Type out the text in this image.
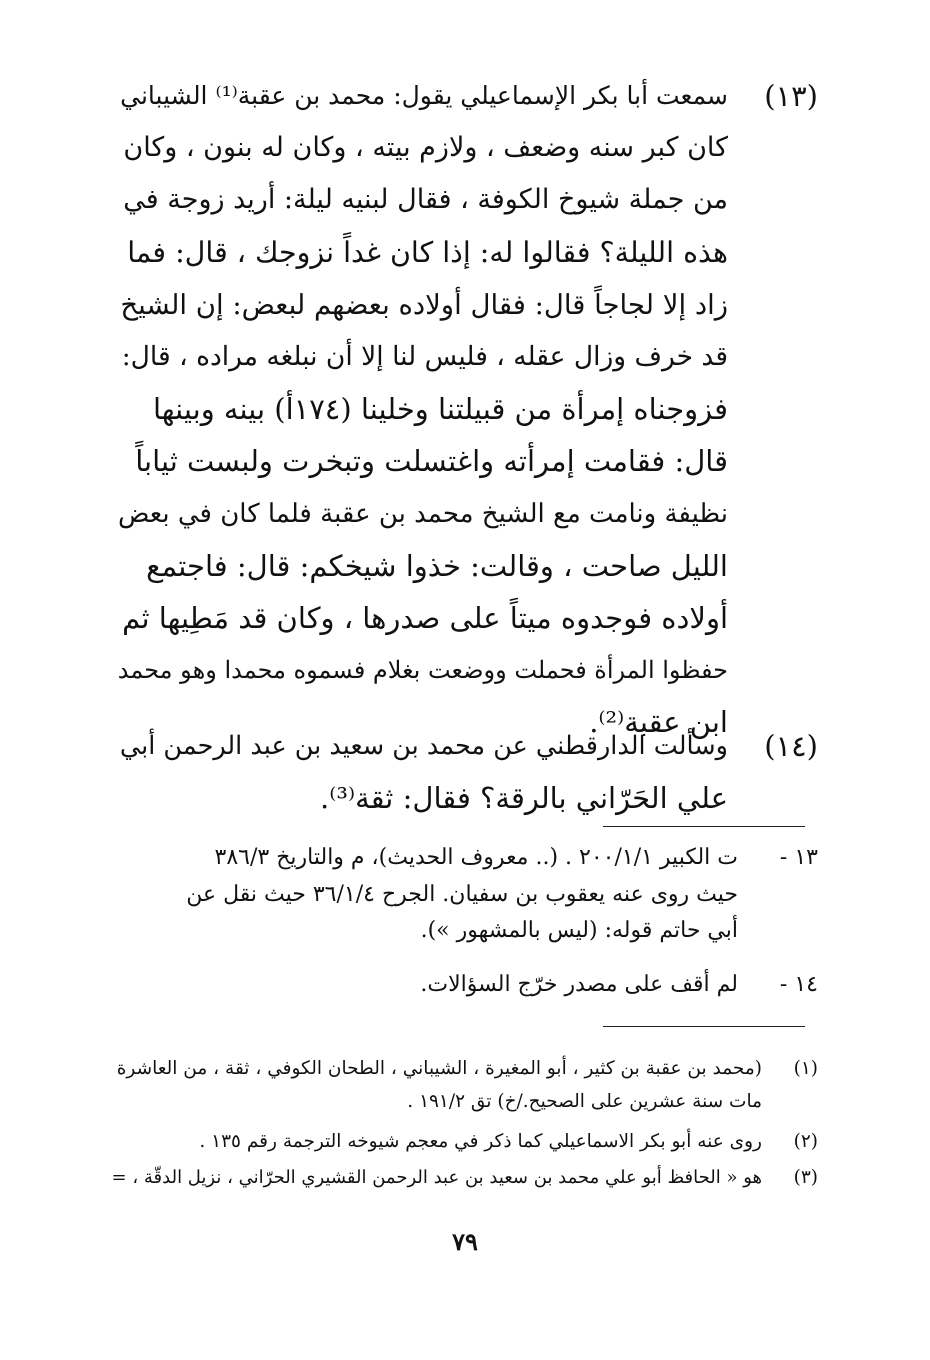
(١٣)
سمعت أبا بكر الإسماعيلي يقول: محمد بن عقبة⁽¹⁾ الشيباني
كان كبر سنه وضعف ، ولازم بيته ، وكان له بنون ، وكان
من جملة شيوخ الكوفة ، فقال لبنيه ليلة: أريد زوجة في
هذه الليلة؟ فقالوا له: إذا كان غداً نزوجك ، قال: فما
زاد إلا لجاجاً قال: فقال أولاده بعضهم لبعض: إن الشيخ
قد خرف وزال عقله ، فليس لنا إلا أن نبلغه مراده ، قال:
فزوجناه إمرأة من قبيلتنا وخلينا (١٧٤أ) بينه وبينها
قال: فقامت إمرأته واغتسلت وتبخرت ولبست ثياباً
نظيفة ونامت مع الشيخ محمد بن عقبة فلما كان في بعض
الليل صاحت ، وقالت: خذوا شيخكم: قال: فاجتمع
أولاده فوجدوه ميتاً على صدرها ، وكان قد مَطِيها ثم
حفظوا المرأة فحملت ووضعت بغلام فسموه محمدا وهو محمد
ابن عقبة⁽²⁾.
(١٤)
وسألت الدارقطني عن محمد بن سعيد بن عبد الرحمن أبي
علي الحَرّاني بالرقة؟ فقال: ثقة⁽³⁾.
١٣ -
ت الكبير ٢٠٠/١/١ . (.. معروف الحديث)، م والتاريخ ٣٨٦/٣
حيث روى عنه يعقوب بن سفيان. الجرح ٣٦/١/٤ حيث نقل عن
أبي حاتم قوله: (ليس بالمشهور »).
١٤ -
لم أقف على مصدر خرّج السؤالات.
(١)
(محمد بن عقبة بن كثير ، أبو المغيرة ، الشيباني ، الطحان الكوفي ، ثقة ، من العاشرة
مات سنة عشرين على الصحيح./خ) تق ١٩١/٢ .
(٢)
روى عنه أبو بكر الاسماعيلي كما ذكر في معجم شيوخه الترجمة رقم ١٣٥ .
(٣)
هو « الحافظ أبو علي محمد بن سعيد بن عبد الرحمن القشيري الحرّاني ، نزيل الدقّة ، =
٧٩
